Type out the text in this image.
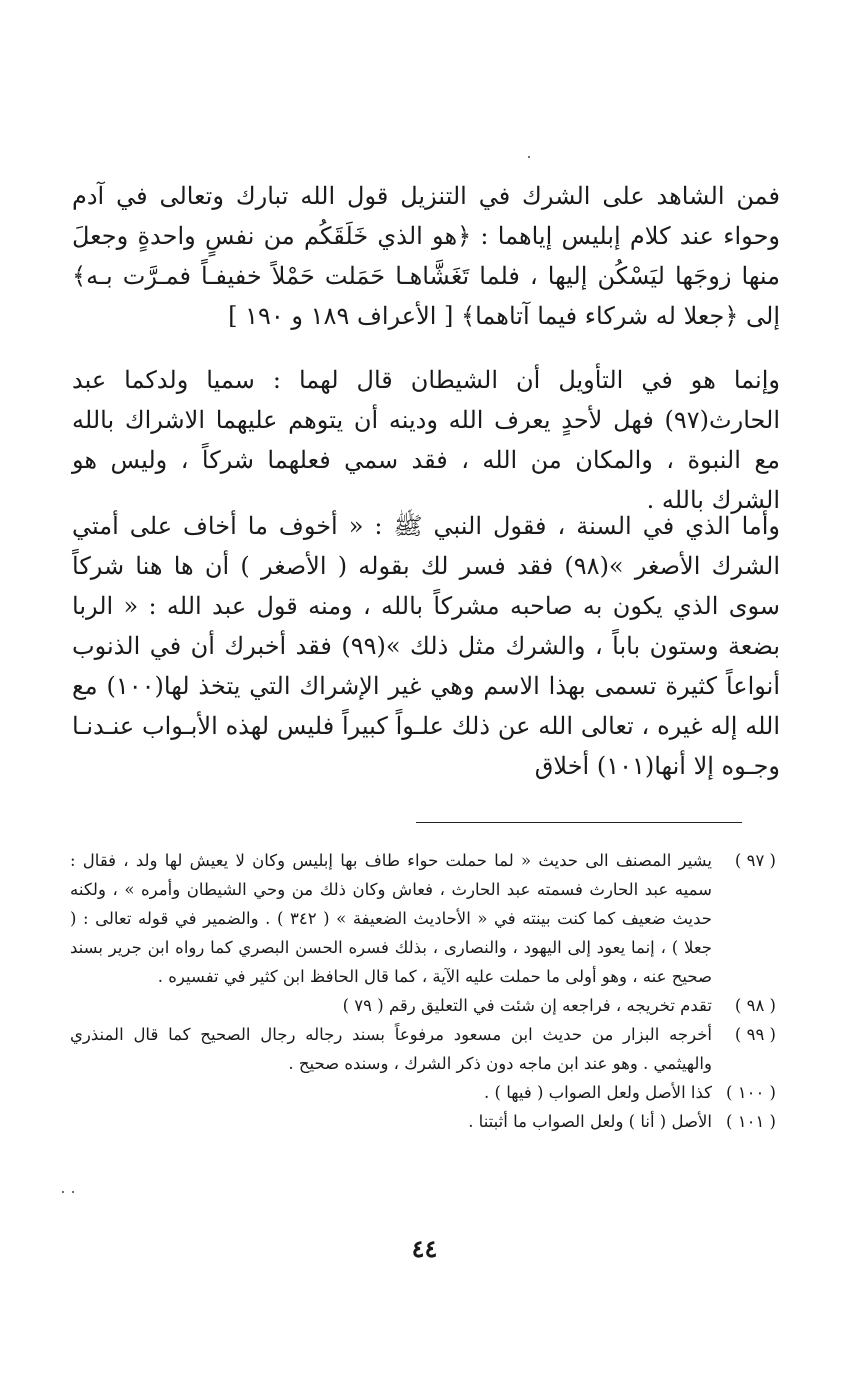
فمن الشاهد على الشرك في التنزيل قول الله تبارك وتعالى في آدم وحواء عند كلام إبليس إياهما : ﴿هو الذي خَلَقَكُم من نفسٍ واحدةٍ وجعلَ منها زوجَها ليَسْكُن إليها ، فلما تَغَشَّاهـا حَمَلت حَمْلاً خفيفـاً فمـرَّت بـه﴾ إلى ﴿جعلا له شركاء فيما آتاهما﴾ [ الأعراف ١٨٩ و ١٩٠ ]

وإنما هو في التأويل أن الشيطان قال لهما : سميا ولدكما عبد الحارث(٩٧) فهل لأحدٍ يعرف الله ودينه أن يتوهم عليهما الاشراك بالله مع النبوة ، والمكان من الله ، فقد سمي فعلهما شركاً ، وليس هو الشرك بالله .

وأما الذي في السنة ، فقول النبي ﷺ : « أخوف ما أخاف على أمتي الشرك الأصغر »(٩٨) فقد فسر لك بقوله ( الأصغر ) أن ها هنا شركاً سوى الذي يكون به صاحبه مشركاً بالله ، ومنه قول عبد الله : « الربا بضعة وستون باباً ، والشرك مثل ذلك »(٩٩) فقد أخبرك أن في الذنوب أنواعاً كثيرة تسمى بهذا الاسم وهي غير الإشراك التي يتخذ لها(١٠٠) مع الله إله غيره ، تعالى الله عن ذلك علـواً كبيراً فليس لهذه الأبـواب عنـدنـا وجـوه إلا أنها(١٠١) أخلاق

( ٩٧ )
يشير المصنف الى حديث « لما حملت حواء طاف بها إبليس وكان لا يعيش لها ولد ، فقال : سميه عبد الحارث فسمته عبد الحارث ، فعاش وكان ذلك من وحي الشيطان وأمره » ، ولكنه حديث ضعيف كما كنت بينته في « الأحاديث الضعيفة » ( ٣٤٢ ) . والضمير في قوله تعالى : ( جعلا ) ، إنما يعود إلى اليهود ، والنصارى ، بذلك فسره الحسن البصري كما رواه ابن جرير بسند صحيح عنه ، وهو أولى ما حملت عليه الآية ، كما قال الحافظ ابن كثير في تفسيره .
( ٩٨ )
تقدم تخريجه ، فراجعه إن شئت في التعليق رقم ( ٧٩ )
( ٩٩ )
أخرجه البزار من حديث ابن مسعود مرفوعاً بسند رجاله رجال الصحيح كما قال المنذري والهيثمي . وهو عند ابن ماجه دون ذكر الشرك ، وسنده صحيح .
( ١٠٠ )
كذا الأصل ولعل الصواب ( فيها ) .
( ١٠١ )
الأصل ( أنا ) ولعل الصواب ما أثبتنا .
٤٤
